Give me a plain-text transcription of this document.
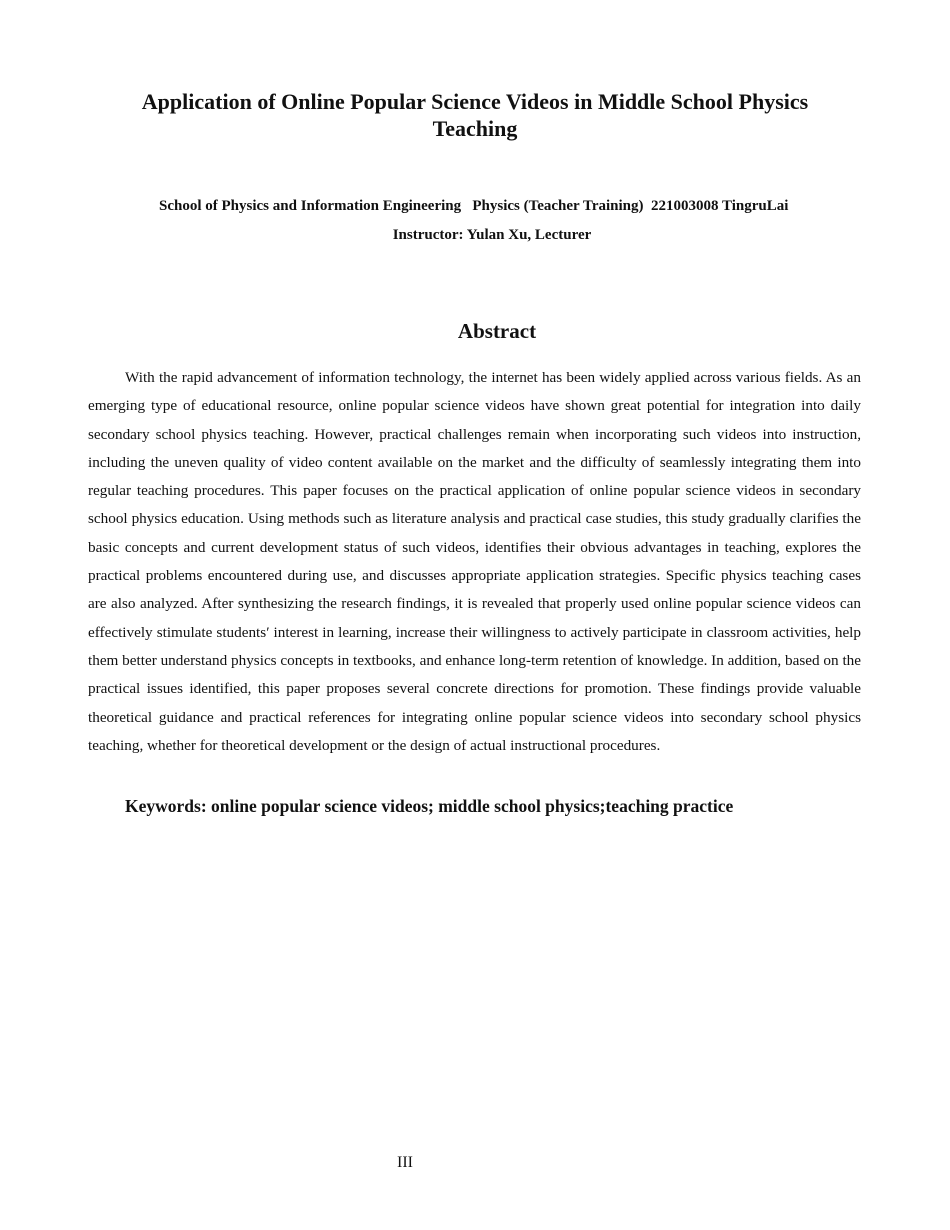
Application of Online Popular Science Videos in Middle School Physics Teaching
School of Physics and Information Engineering   Physics (Teacher Training)  221003008 TingruLai
Instructor: Yulan Xu, Lecturer
Abstract

With the rapid advancement of information technology, the internet has been widely applied across various fields. As an emerging type of educational resource, online popular science videos have shown great potential for integration into daily secondary school physics teaching. However, practical challenges remain when incorporating such videos into instruction, including the uneven quality of video content available on the market and the difficulty of seamlessly integrating them into regular teaching procedures. This paper focuses on the practical application of online popular science videos in secondary school physics education. Using methods such as literature analysis and practical case studies, this study gradually clarifies the basic concepts and current development status of such videos, identifies their obvious advantages in teaching, explores the practical problems encountered during use, and discusses appropriate application strategies. Specific physics teaching cases are also analyzed. After synthesizing the research findings, it is revealed that properly used online popular science videos can effectively stimulate students′ interest in learning, increase their willingness to actively participate in classroom activities, help them better understand physics concepts in textbooks, and enhance long-term retention of knowledge. In addition, based on the practical issues identified, this paper proposes several concrete directions for promotion. These findings provide valuable theoretical guidance and practical references for integrating online popular science videos into secondary school physics teaching, whether for theoretical development or the design of actual instructional procedures.

Keywords: online popular science videos; middle school physics;teaching practice
III
